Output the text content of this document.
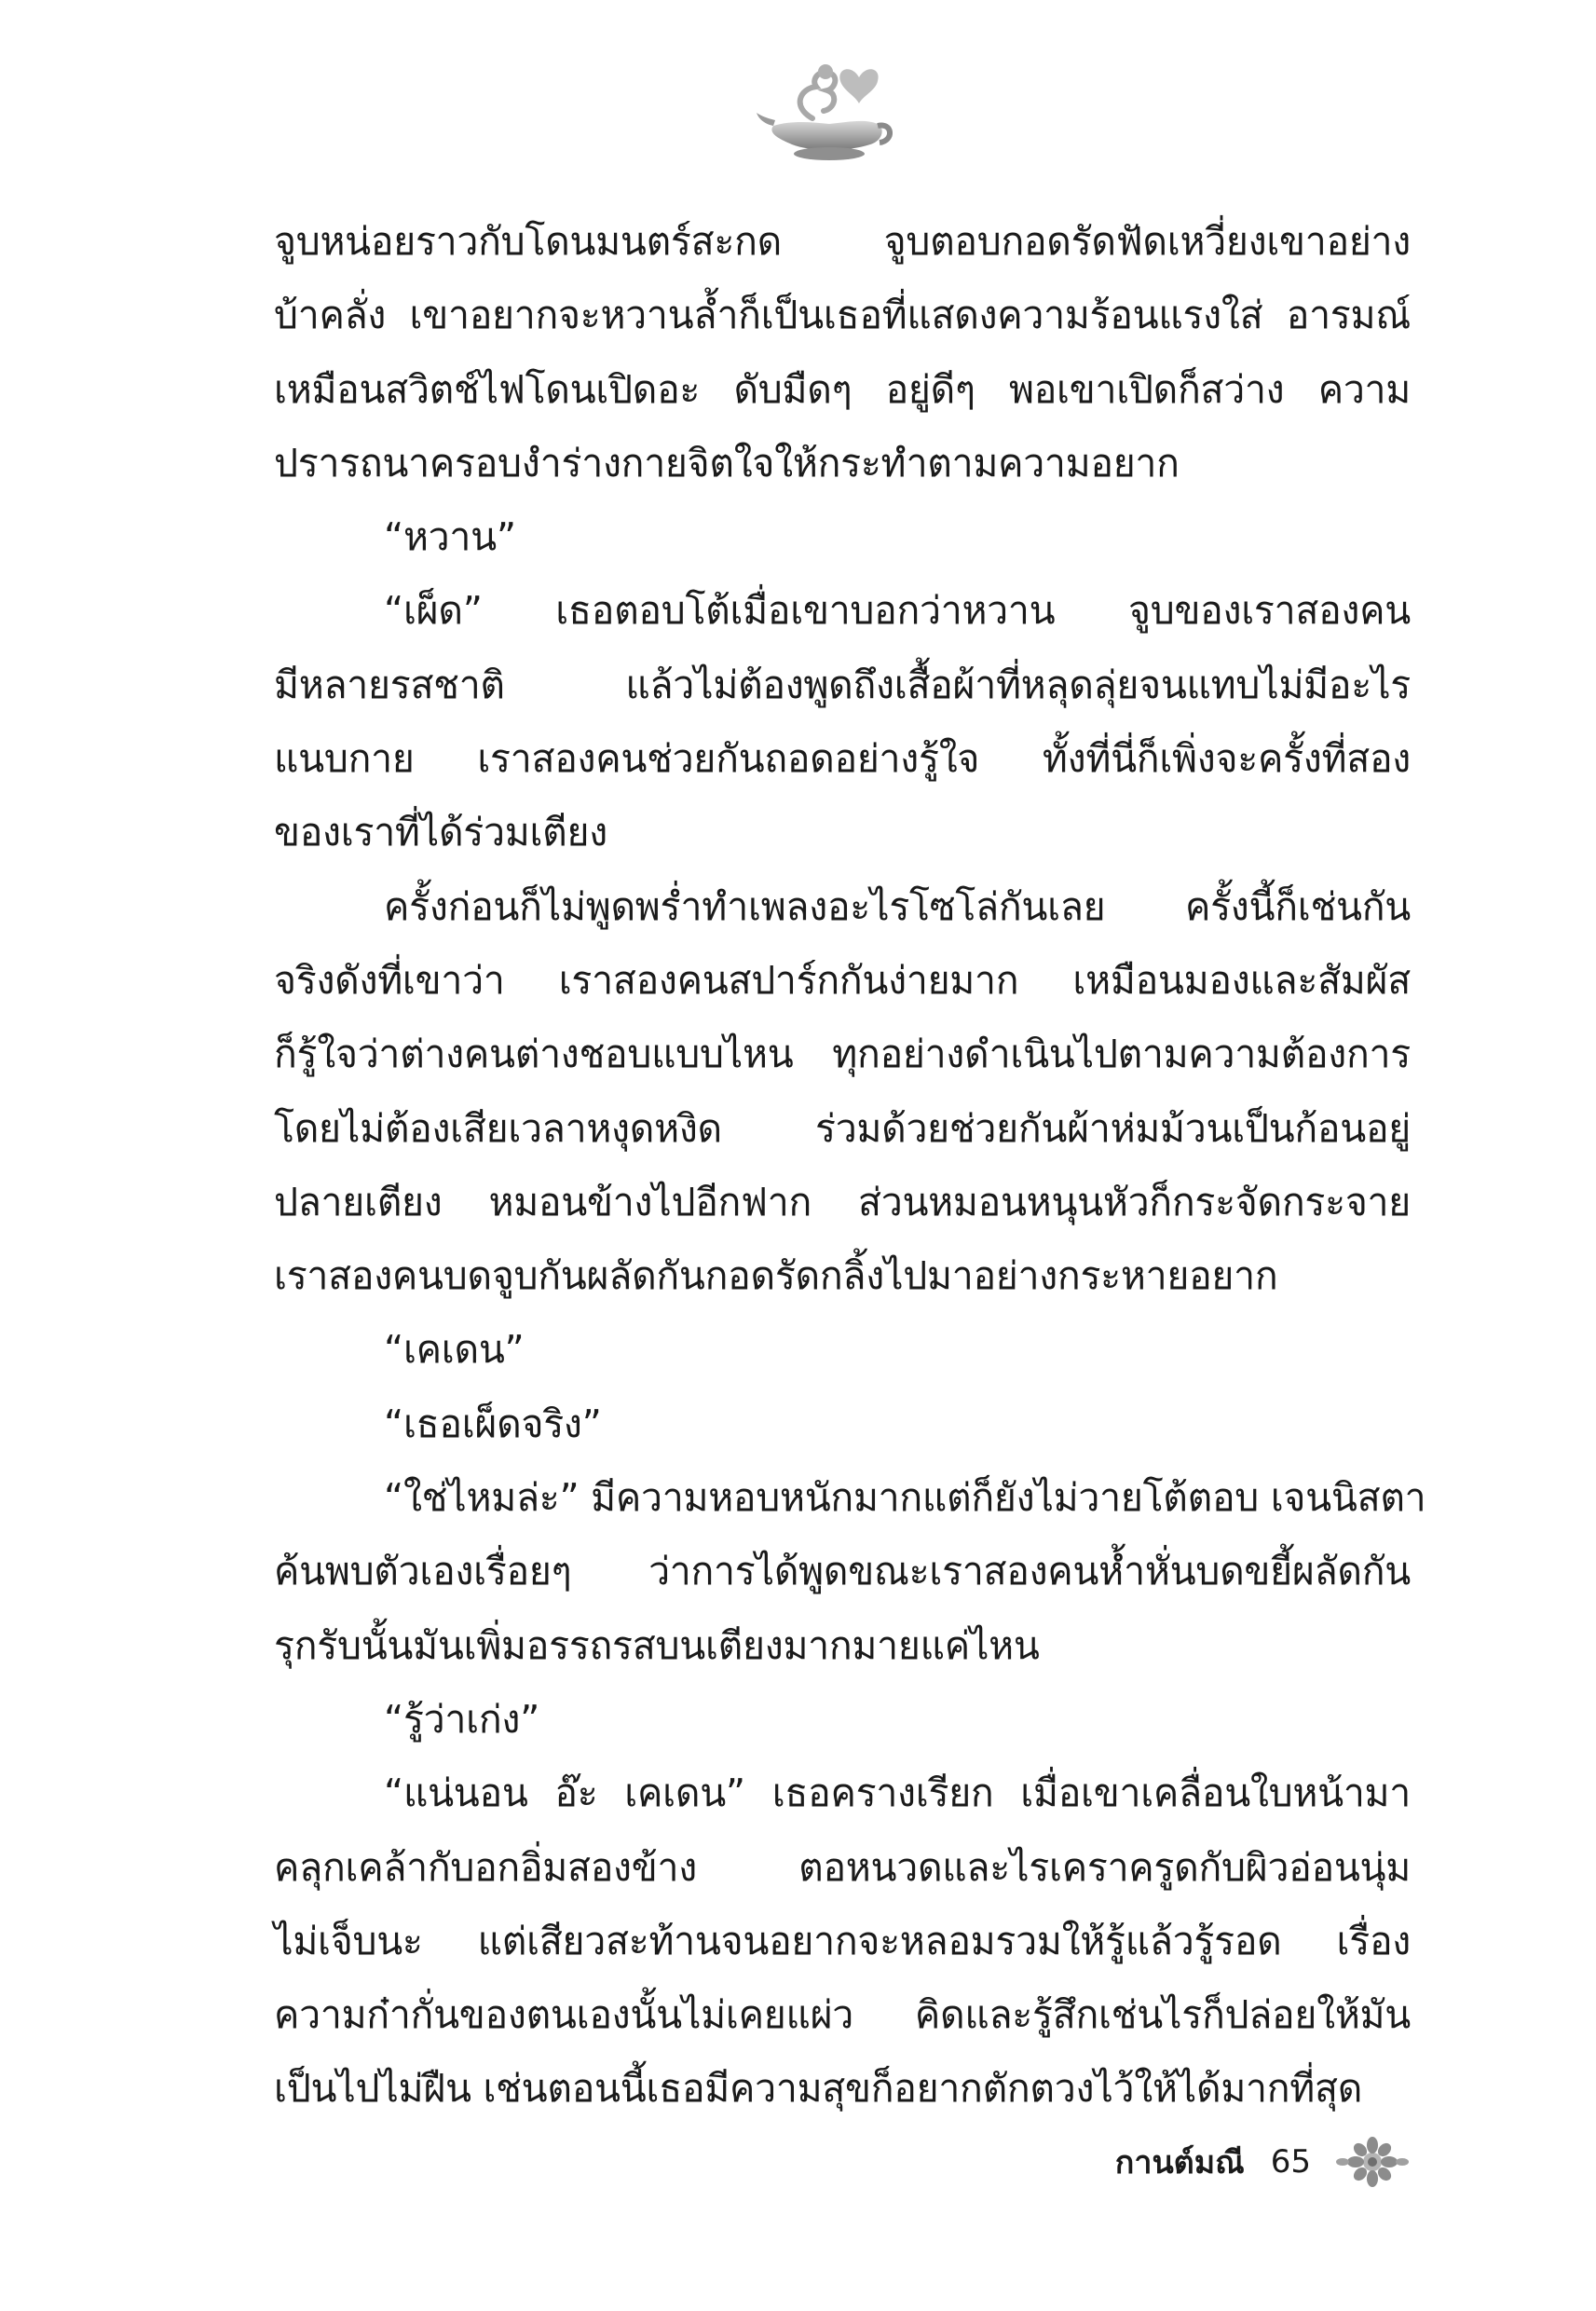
จูบหน่อยราวกับโดนมนตร์สะกด จูบตอบกอดรัดฟัดเหวี่ยงเขาอย่าง
บ้าคลั่ง เขาอยากจะหวานล้ำก็เป็นเธอที่แสดงความร้อนแรงใส่ อารมณ์
เหมือนสวิตช์ไฟโดนเปิดอะ ดับมืดๆ อยู่ดีๆ พอเขาเปิดก็สว่าง ความ
ปรารถนาครอบงำร่างกายจิตใจให้กระทำตามความอยาก
“หวาน”
“เผ็ด” เธอตอบโต้เมื่อเขาบอกว่าหวาน จูบของเราสองคน
มีหลายรสชาติ แล้วไม่ต้องพูดถึงเสื้อผ้าที่หลุดลุ่ยจนแทบไม่มีอะไร
แนบกาย เราสองคนช่วยกันถอดอย่างรู้ใจ ทั้งที่นี่ก็เพิ่งจะครั้งที่สอง
ของเราที่ได้ร่วมเตียง
ครั้งก่อนก็ไม่พูดพร่ำทำเพลงอะไรโซโล่กันเลย ครั้งนี้ก็เช่นกัน
จริงดังที่เขาว่า เราสองคนสปาร์กกันง่ายมาก เหมือนมองและสัมผัส
ก็รู้ใจว่าต่างคนต่างชอบแบบไหน ทุกอย่างดำเนินไปตามความต้องการ
โดยไม่ต้องเสียเวลาหงุดหงิด ร่วมด้วยช่วยกันผ้าห่มม้วนเป็นก้อนอยู่
ปลายเตียง หมอนข้างไปอีกฟาก ส่วนหมอนหนุนหัวก็กระจัดกระจาย
เราสองคนบดจูบกันผลัดกันกอดรัดกลิ้งไปมาอย่างกระหายอยาก
“เคเดน”
“เธอเผ็ดจริง”
“ใช่ไหมล่ะ” มีความหอบหนักมากแต่ก็ยังไม่วายโต้ตอบ เจนนิสตา
ค้นพบตัวเองเรื่อยๆ ว่าการได้พูดขณะเราสองคนห้ำหั่นบดขยี้ผลัดกัน
รุกรับนั้นมันเพิ่มอรรถรสบนเตียงมากมายแค่ไหน
“รู้ว่าเก่ง”
“แน่นอน อ๊ะ เคเดน” เธอครางเรียก เมื่อเขาเคลื่อนใบหน้ามา
คลุกเคล้ากับอกอิ่มสองข้าง ตอหนวดและไรเคราครูดกับผิวอ่อนนุ่ม
ไม่เจ็บนะ แต่เสียวสะท้านจนอยากจะหลอมรวมให้รู้แล้วรู้รอด เรื่อง
ความก๋ากั่นของตนเองนั้นไม่เคยแผ่ว คิดและรู้สึกเช่นไรก็ปล่อยให้มัน
เป็นไปไม่ฝืน เช่นตอนนี้เธอมีความสุขก็อยากตักตวงไว้ให้ได้มากที่สุด
กานต์มณี 65
